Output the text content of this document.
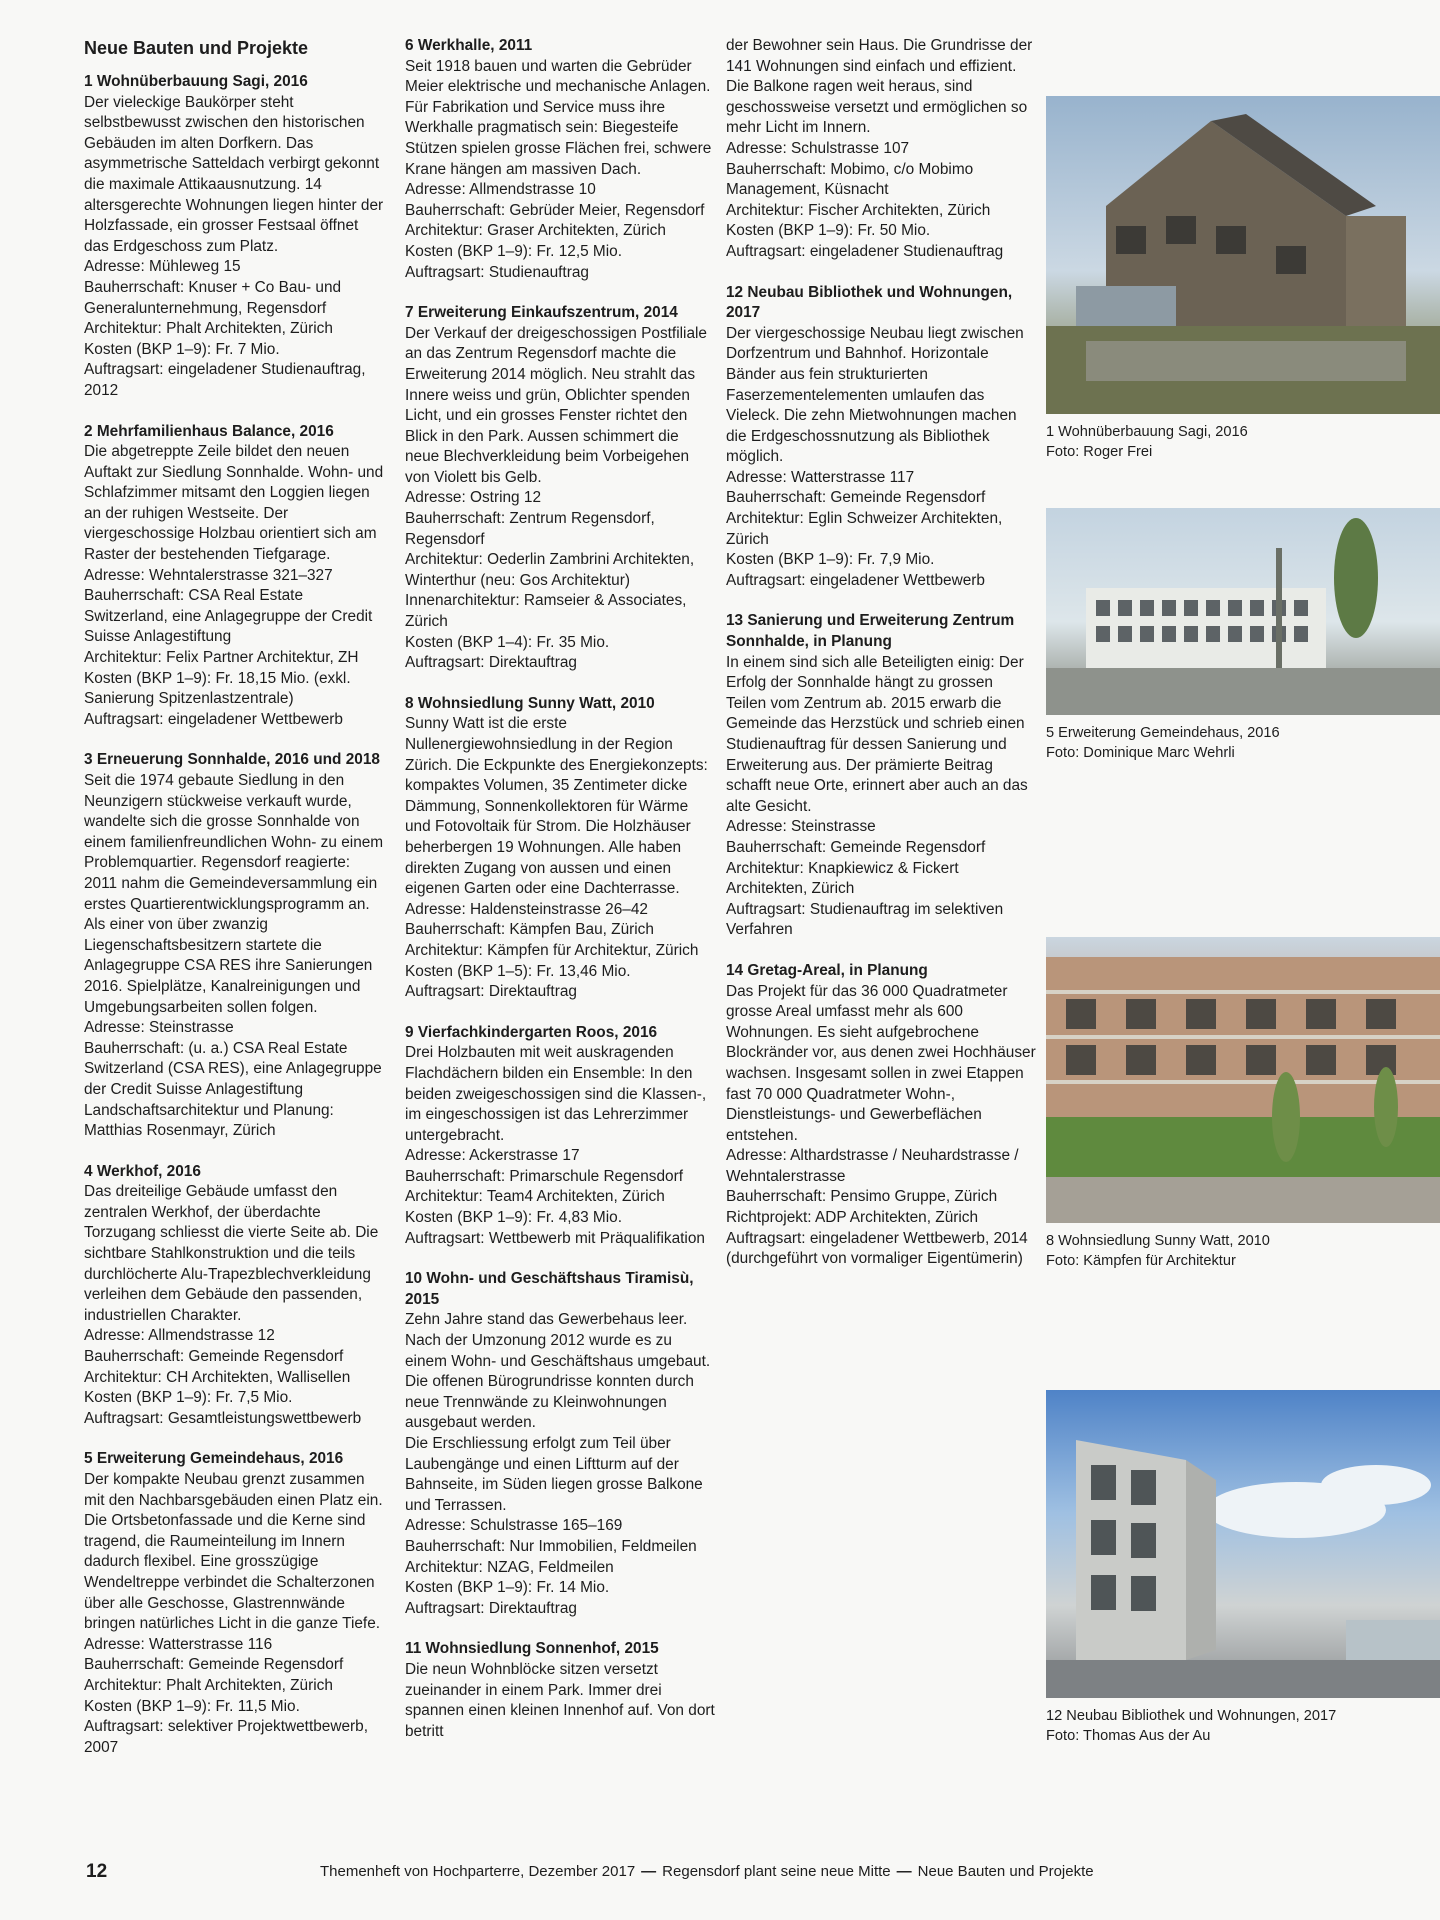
Neue Bauten und Projekte
1 Wohnüberbauung Sagi, 2016
Der vieleckige Baukörper steht selbstbewusst zwischen den historischen Gebäuden im alten Dorfkern. Das asymmetrische Satteldach verbirgt gekonnt die maximale Attikaausnutzung. 14 altersgerechte Wohnungen liegen hinter der Holzfassade, ein grosser Festsaal öffnet das Erdgeschoss zum Platz.
Adresse: Mühleweg 15
Bauherrschaft: Knuser + Co Bau- und Generalunternehmung, Regensdorf
Architektur: Phalt Architekten, Zürich
Kosten (BKP 1–9): Fr. 7 Mio.
Auftragsart: eingeladener Studienauftrag, 2012
2 Mehrfamilienhaus Balance, 2016
Die abgetreppte Zeile bildet den neuen Auftakt zur Siedlung Sonnhalde. Wohn- und Schlafzimmer mitsamt den Loggien liegen an der ruhigen Westseite. Der viergeschossige Holzbau orientiert sich am Raster der bestehenden Tiefgarage.
Adresse: Wehntalerstrasse 321–327
Bauherrschaft: CSA Real Estate Switzerland, eine Anlagegruppe der Credit Suisse Anlagestiftung
Architektur: Felix Partner Architektur, ZH
Kosten (BKP 1–9): Fr. 18,15 Mio. (exkl. Sanierung Spitzenlastzentrale)
Auftragsart: eingeladener Wettbewerb
3 Erneuerung Sonnhalde, 2016 und 2018
Seit die 1974 gebaute Siedlung in den Neunzigern stückweise verkauft wurde, wandelte sich die grosse Sonnhalde von einem familienfreundlichen Wohn- zu einem Problemquartier. Regensdorf reagierte: 2011 nahm die Gemeindeversammlung ein erstes Quartierentwicklungsprogramm an. Als einer von über zwanzig Liegenschaftsbesitzern startete die Anlagegruppe CSA RES ihre Sanierungen 2016. Spielplätze, Kanalreinigungen und Umgebungsarbeiten sollen folgen.
Adresse: Steinstrasse
Bauherrschaft: (u. a.) CSA Real Estate Switzerland (CSA RES), eine Anlagegruppe der Credit Suisse Anlagestiftung
Landschaftsarchitektur und Planung: Matthias Rosenmayr, Zürich
4 Werkhof, 2016
Das dreiteilige Gebäude umfasst den zentralen Werkhof, der überdachte Torzugang schliesst die vierte Seite ab. Die sichtbare Stahlkonstruktion und die teils durchlöcherte Alu-Trapezblechverkleidung verleihen dem Gebäude den passenden, industriellen Charakter.
Adresse: Allmendstrasse 12
Bauherrschaft: Gemeinde Regensdorf
Architektur: CH Architekten, Wallisellen
Kosten (BKP 1–9): Fr. 7,5 Mio.
Auftragsart: Gesamtleistungswettbewerb
5 Erweiterung Gemeindehaus, 2016
Der kompakte Neubau grenzt zusammen mit den Nachbarsgebäuden einen Platz ein. Die Ortsbetonfassade und die Kerne sind tragend, die Raumeinteilung im Innern dadurch flexibel. Eine grosszügige Wendeltreppe verbindet die Schalterzonen über alle Geschosse, Glastrennwände bringen natürliches Licht in die ganze Tiefe.
Adresse: Watterstrasse 116
Bauherrschaft: Gemeinde Regensdorf
Architektur: Phalt Architekten, Zürich
Kosten (BKP 1–9): Fr. 11,5 Mio.
Auftragsart: selektiver Projektwettbewerb, 2007
6 Werkhalle, 2011
Seit 1918 bauen und warten die Gebrüder Meier elektrische und mechanische Anlagen. Für Fabrikation und Service muss ihre Werkhalle pragmatisch sein: Biegesteife Stützen spielen grosse Flächen frei, schwere Krane hängen am massiven Dach.
Adresse: Allmendstrasse 10
Bauherrschaft: Gebrüder Meier, Regensdorf
Architektur: Graser Architekten, Zürich
Kosten (BKP 1–9): Fr. 12,5 Mio.
Auftragsart: Studienauftrag
7 Erweiterung Einkaufszentrum, 2014
Der Verkauf der dreigeschossigen Postfiliale an das Zentrum Regensdorf machte die Erweiterung 2014 möglich. Neu strahlt das Innere weiss und grün, Oblichter spenden Licht, und ein grosses Fenster richtet den Blick in den Park. Aussen schimmert die neue Blechverkleidung beim Vorbeigehen von Violett bis Gelb.
Adresse: Ostring 12
Bauherrschaft: Zentrum Regensdorf, Regensdorf
Architektur: Oederlin Zambrini Architekten, Winterthur (neu: Gos Architektur)
Innenarchitektur: Ramseier & Associates, Zürich
Kosten (BKP 1–4): Fr. 35 Mio.
Auftragsart: Direktauftrag
8 Wohnsiedlung Sunny Watt, 2010
Sunny Watt ist die erste Nullenergiewohnsiedlung in der Region Zürich. Die Eckpunkte des Energiekonzepts: kompaktes Volumen, 35 Zentimeter dicke Dämmung, Sonnenkollektoren für Wärme und Fotovoltaik für Strom. Die Holzhäuser beherbergen 19 Wohnungen. Alle haben direkten Zugang von aussen und einen eigenen Garten oder eine Dachterrasse.
Adresse: Haldensteinstrasse 26–42
Bauherrschaft: Kämpfen Bau, Zürich
Architektur: Kämpfen für Architektur, Zürich
Kosten (BKP 1–5): Fr. 13,46 Mio.
Auftragsart: Direktauftrag
9 Vierfachkindergarten Roos, 2016
Drei Holzbauten mit weit auskragenden Flachdächern bilden ein Ensemble: In den beiden zweigeschossigen sind die Klassen-, im eingeschossigen ist das Lehrerzimmer untergebracht.
Adresse: Ackerstrasse 17
Bauherrschaft: Primarschule Regensdorf
Architektur: Team4 Architekten, Zürich
Kosten (BKP 1–9): Fr. 4,83 Mio.
Auftragsart: Wettbewerb mit Präqualifikation
10 Wohn- und Geschäftshaus Tiramisù, 2015
Zehn Jahre stand das Gewerbehaus leer. Nach der Umzonung 2012 wurde es zu einem Wohn- und Geschäftshaus umgebaut. Die offenen Bürogrundrisse konnten durch neue Trennwände zu Kleinwohnungen ausgebaut werden.
Die Erschliessung erfolgt zum Teil über Laubengänge und einen Liftturm auf der Bahnseite, im Süden liegen grosse Balkone und Terrassen.
Adresse: Schulstrasse 165–169
Bauherrschaft: Nur Immobilien, Feldmeilen
Architektur: NZAG, Feldmeilen
Kosten (BKP 1–9): Fr. 14 Mio.
Auftragsart: Direktauftrag
11 Wohnsiedlung Sonnenhof, 2015
Die neun Wohnblöcke sitzen versetzt zueinander in einem Park. Immer drei spannen einen kleinen Innenhof auf. Von dort betritt
der Bewohner sein Haus. Die Grundrisse der 141 Wohnungen sind einfach und effizient. Die Balkone ragen weit heraus, sind geschossweise versetzt und ermöglichen so mehr Licht im Innern.
Adresse: Schulstrasse 107
Bauherrschaft: Mobimo, c/o Mobimo Management, Küsnacht
Architektur: Fischer Architekten, Zürich
Kosten (BKP 1–9): Fr. 50 Mio.
Auftragsart: eingeladener Studienauftrag
12 Neubau Bibliothek und Wohnungen, 2017
Der viergeschossige Neubau liegt zwischen Dorfzentrum und Bahnhof. Horizontale Bänder aus fein strukturierten Faserzementelementen umlaufen das Vieleck. Die zehn Mietwohnungen machen die Erdgeschossnutzung als Bibliothek möglich.
Adresse: Watterstrasse 117
Bauherrschaft: Gemeinde Regensdorf
Architektur: Eglin Schweizer Architekten, Zürich
Kosten (BKP 1–9): Fr. 7,9 Mio.
Auftragsart: eingeladener Wettbewerb
13 Sanierung und Erweiterung Zentrum Sonnhalde, in Planung
In einem sind sich alle Beteiligten einig: Der Erfolg der Sonnhalde hängt zu grossen Teilen vom Zentrum ab. 2015 erwarb die Gemeinde das Herzstück und schrieb einen Studienauftrag für dessen Sanierung und Erweiterung aus. Der prämierte Beitrag schafft neue Orte, erinnert aber auch an das alte Gesicht.
Adresse: Steinstrasse
Bauherrschaft: Gemeinde Regensdorf
Architektur: Knapkiewicz & Fickert Architekten, Zürich
Auftragsart: Studienauftrag im selektiven Verfahren
14 Gretag-Areal, in Planung
Das Projekt für das 36 000 Quadratmeter grosse Areal umfasst mehr als 600 Wohnungen. Es sieht aufgebrochene Blockränder vor, aus denen zwei Hochhäuser wachsen. Insgesamt sollen in zwei Etappen fast 70 000 Quadratmeter Wohn-, Dienstleistungs- und Gewerbeflächen entstehen.
Adresse: Althardstrasse / Neuhardstrasse / Wehntalerstrasse
Bauherrschaft: Pensimo Gruppe, Zürich
Richtprojekt: ADP Architekten, Zürich
Auftragsart: eingeladener Wettbewerb, 2014 (durchgeführt von vormaliger Eigentümerin)
1 Wohnüberbauung Sagi, 2016
Foto: Roger Frei
5 Erweiterung Gemeindehaus, 2016
Foto: Dominique Marc Wehrli
8 Wohnsiedlung Sunny Watt, 2010
Foto: Kämpfen für Architektur
12 Neubau Bibliothek und Wohnungen, 2017
Foto: Thomas Aus der Au
12	Themenheft von Hochparterre, Dezember 2017 — Regensdorf plant seine neue Mitte — Neue Bauten und Projekte
